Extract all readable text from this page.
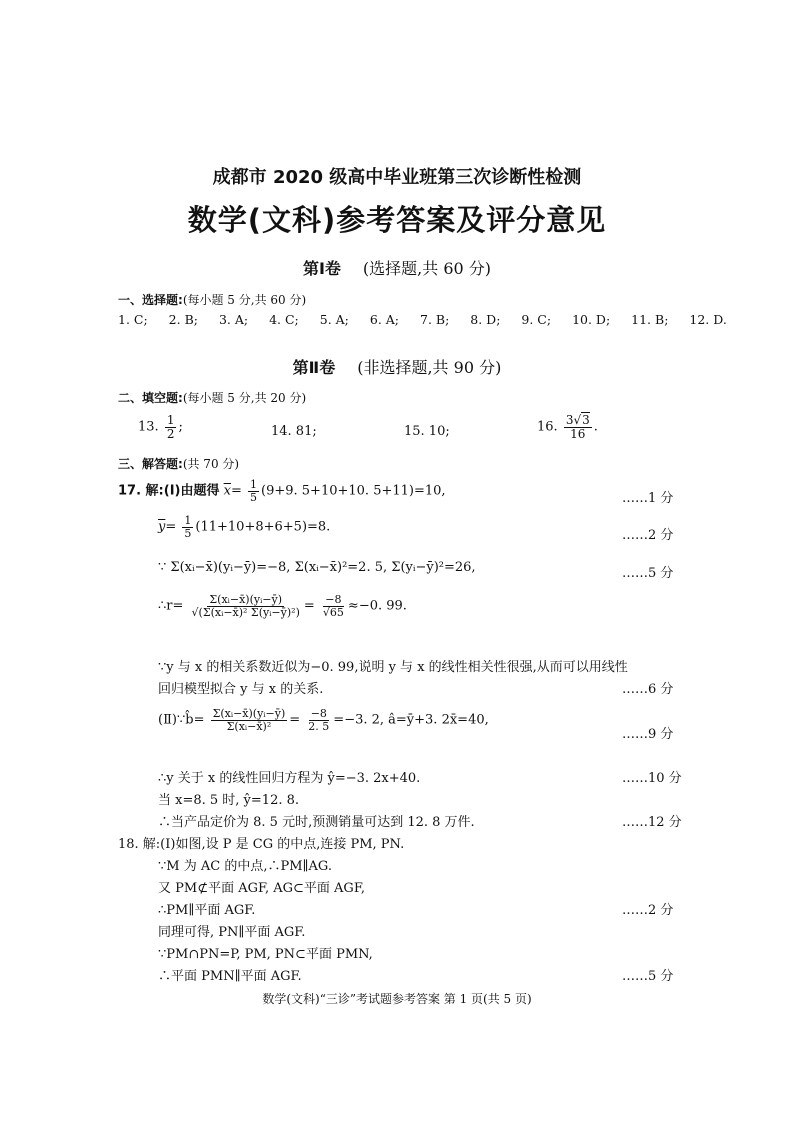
成都市 2020 级高中毕业班第三次诊断性检测
数学(文科)参考答案及评分意见
第Ⅰ卷 (选择题,共 60 分)
一、选择题:(每小题 5 分,共 60 分)
1. C; 2. B; 3. A; 4. C; 5. A; 6. A; 7. B; 8. D; 9. C; 10. D; 11. B; 12. D.
第Ⅱ卷 (非选择题,共 90 分)
二、填空题:(每小题 5 分,共 20 分)
13. $\frac{1}{2}$ ;	14. 81;	15. 10;	16. $\frac{3√3}{16}$ .
三、解答题:(共 70 分)
17. 解:(Ⅰ)由题得 $\overline{x}= \frac{1}{5} (9+9$. 5+10+10. 5+11)=10,	……1 分
$\overline{y}= \frac{1}{5} (11+10+8+6+5)=8$.
……2 分
∵ Σ(xᵢ−x̄)(yᵢ−ȳ)=−8, Σ(xᵢ−x̄)²=2. 5, Σ(yᵢ−ȳ)²=26,	……5 分
∴r= $\frac{\text{Σ(xᵢ−x̄)(yᵢ−ȳ)}}{\text{√(Σ(xᵢ−x̄)² Σ(yᵢ−ȳ)²)}} = \frac{-8}{√65} \approx-0$. 99.
∵y 与 x 的相关系数近似为−0. 99,说明 y 与 x 的线性相关性很强,从而可以用线性
回归模型拟合 y 与 x 的关系.	……6 分
(Ⅱ)∵b̂= $\frac{\text{Σ(xᵢ−x̄)(yᵢ−ȳ)}}{\text{Σ(xᵢ−x̄)²}} = \frac{-8}{2. 5} =-3$. 2, â=ȳ+3. 2x̄=40,
……9 分
∴y 关于 x 的线性回归方程为 ŷ=−3. 2x+40.	……10 分
当 x=8. 5 时, ŷ=12. 8.
∴当产品定价为 8. 5 元时,预测销量可达到 12. 8 万件.	……12 分
18. 解:(Ⅰ)如图,设 P 是 CG 的中点,连接 PM, PN.
∵M 为 AC 的中点,∴PM∥AG.
又 PM⊄平面 AGF, AG⊂平面 AGF,
∴PM∥平面 AGF.	……2 分
同理可得, PN∥平面 AGF.
∵PM∩PN=P, PM, PN⊂平面 PMN,
∴平面 PMN∥平面 AGF.	……5 分
数学(文科)“三诊”考试题参考答案 第 1 页(共 5 页)
